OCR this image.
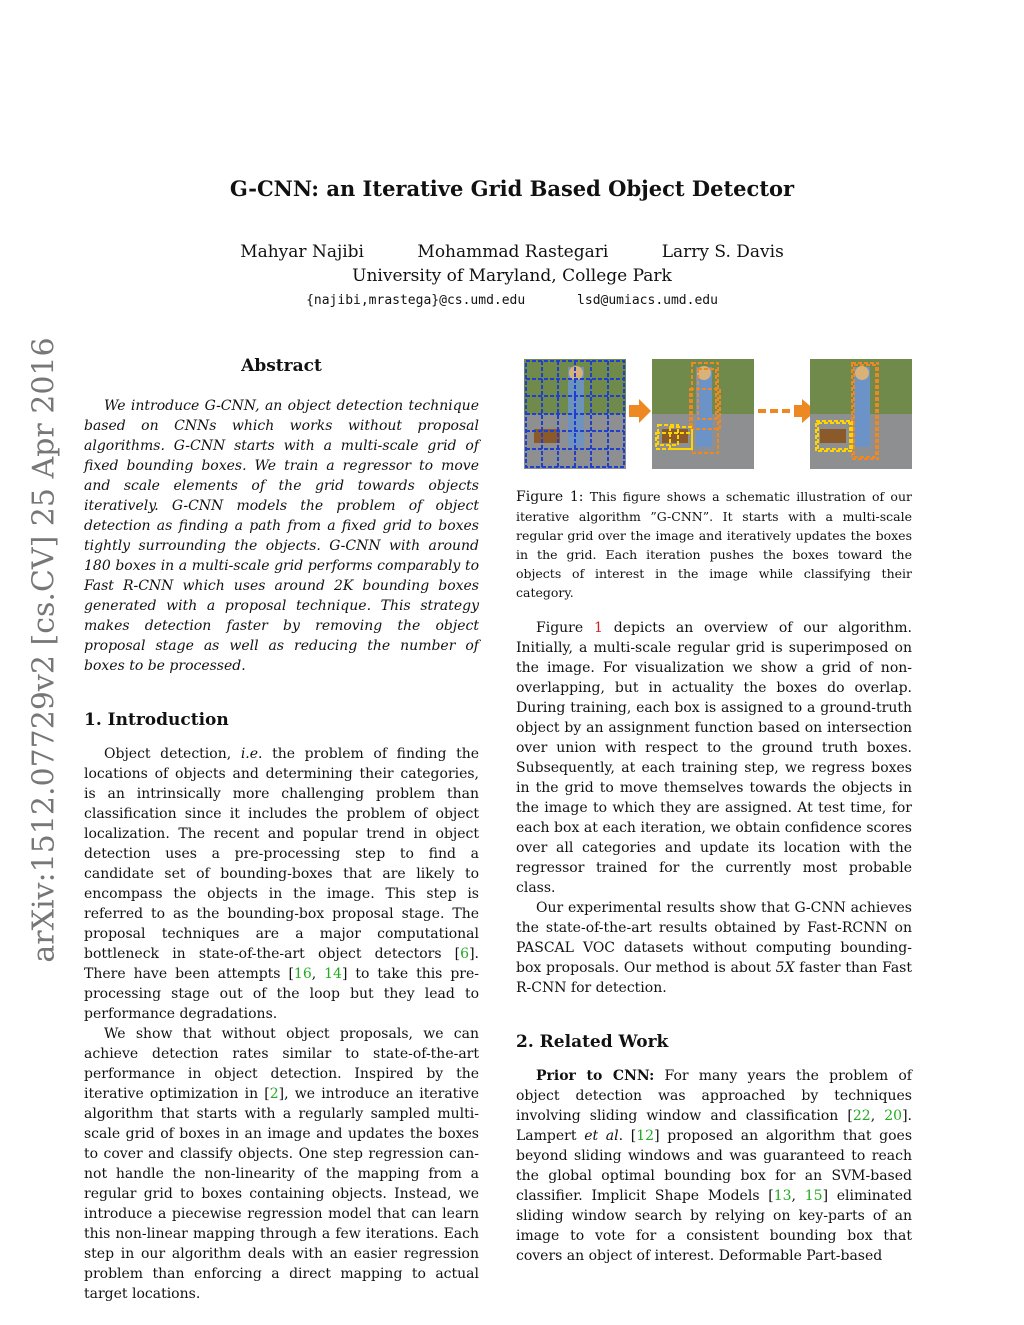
G-CNN: an Iterative Grid Based Object Detector
Mahyar Najibi	Mohammad Rastegari	Larry S. Davis
University of Maryland, College Park
{najibi,mrastega}@cs.umd.edu	lsd@umiacs.umd.edu
arXiv:1512.07729v2 [cs.CV] 25 Apr 2016	Abstract

We introduce G-CNN, an object detection technique based on CNNs which works without proposal algorithms. G-CNN starts with a multi-scale grid of fixed bounding boxes. We train a regressor to move and scale elements of the grid towards objects iteratively. G-CNN models the problem of object detection as finding a path from a fixed grid to boxes tightly surrounding the objects. G-CNN with around 180 boxes in a multi-scale grid performs comparably to Fast R-CNN which uses around 2K bounding boxes generated with a proposal technique. This strategy makes detection faster by removing the object proposal stage as well as reducing the number of boxes to be processed.

1. Introduction

Object detection, i.e. the problem of finding the locations of objects and determining their categories, is an intrinsically more challenging problem than classification since it includes the problem of object localization. The recent and popular trend in object detection uses a pre-processing step to find a candidate set of bounding-boxes that are likely to encompass the objects in the image. This step is referred to as the bounding-box proposal stage. The proposal techniques are a major computational bottleneck in state-of-the-art object detectors [6]. There have been attempts [16, 14] to take this pre-processing stage out of the loop but they lead to performance degradations.

We show that without object proposals, we can achieve detection rates similar to state-of-the-art performance in object detection. Inspired by the iterative optimization in [2], we introduce an iterative algorithm that starts with a regularly sampled multi-scale grid of boxes in an image and updates the boxes to cover and classify objects. One step regression can-not handle the non-linearity of the mapping from a regular grid to boxes containing objects. Instead, we introduce a piecewise regression model that can learn this non-linear mapping through a few iterations. Each step in our algorithm deals with an easier regression problem than enforcing a direct mapping to actual target locations.

Figure 1: This figure shows a schematic illustration of our iterative algorithm ”G-CNN”. It starts with a multi-scale regular grid over the image and iteratively updates the boxes in the grid. Each iteration pushes the boxes toward the objects of interest in the image while classifying their category.

Figure 1 depicts an overview of our algorithm. Initially, a multi-scale regular grid is superimposed on the image. For visualization we show a grid of non-overlapping, but in actuality the boxes do overlap. During training, each box is assigned to a ground-truth object by an assignment function based on intersection over union with respect to the ground truth boxes. Subsequently, at each training step, we regress boxes in the grid to move themselves towards the objects in the image to which they are assigned. At test time, for each box at each iteration, we obtain confidence scores over all categories and update its location with the regressor trained for the currently most probable class.

Our experimental results show that G-CNN achieves the state-of-the-art results obtained by Fast-RCNN on PASCAL VOC datasets without computing bounding-box proposals. Our method is about 5X faster than Fast R-CNN for detection.

2. Related Work

Prior to CNN: For many years the problem of object detection was approached by techniques involving sliding window and classification [22, 20]. Lampert et al. [12] proposed an algorithm that goes beyond sliding windows and was guaranteed to reach the global optimal bounding box for an SVM-based classifier. Implicit Shape Models [13, 15] eliminated sliding window search by relying on key-parts of an image to vote for a consistent bounding box that covers an object of interest. Deformable Part-based
